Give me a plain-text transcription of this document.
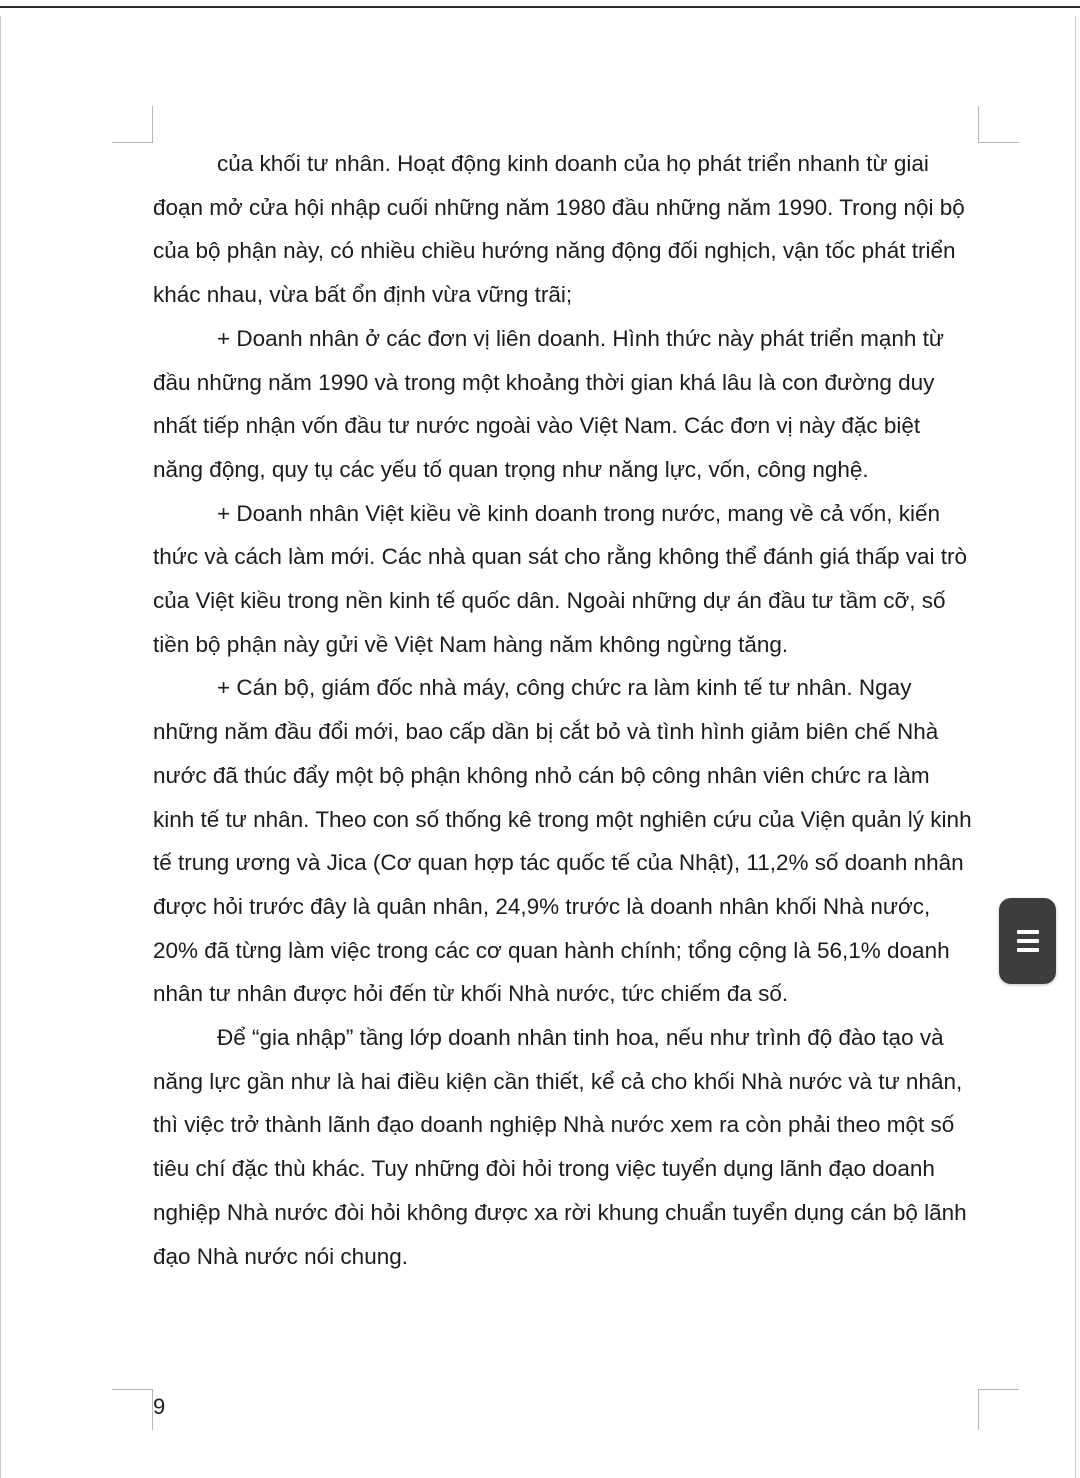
của khối tư nhân. Hoạt động kinh doanh của họ phát triển nhanh từ giai đoạn mở cửa hội nhập cuối những năm 1980 đầu những năm 1990. Trong nội bộ của bộ phận này, có nhiều chiều hướng năng động đối nghịch, vận tốc phát triển khác nhau, vừa bất ổn định vừa vững trãi;

+ Doanh nhân ở các đơn vị liên doanh. Hình thức này phát triển mạnh từ đầu những năm 1990 và trong một khoảng thời gian khá lâu là con đường duy nhất tiếp nhận vốn đầu tư nước ngoài vào Việt Nam. Các đơn vị này đặc biệt năng động, quy tụ các yếu tố quan trọng như năng lực, vốn, công nghệ.

+ Doanh nhân Việt kiều về kinh doanh trong nước, mang về cả vốn, kiến thức và cách làm mới. Các nhà quan sát cho rằng không thể đánh giá thấp vai trò của Việt kiều trong nền kinh tế quốc dân. Ngoài những dự án đầu tư tầm cỡ, số tiền bộ phận này gửi về Việt Nam hàng năm không ngừng tăng.

+ Cán bộ, giám đốc nhà máy, công chức ra làm kinh tế tư nhân. Ngay những năm đầu đổi mới, bao cấp dần bị cắt bỏ và tình hình giảm biên chế Nhà nước đã thúc đẩy một bộ phận không nhỏ cán bộ công nhân viên chức ra làm kinh tế tư nhân. Theo con số thống kê trong một nghiên cứu của Viện quản lý kinh tế trung ương và Jica (Cơ quan hợp tác quốc tế của Nhật), 11,2% số doanh nhân được hỏi trước đây là quân nhân, 24,9% trước là doanh nhân khối Nhà nước, 20% đã từng làm việc trong các cơ quan hành chính; tổng cộng là 56,1% doanh nhân tư nhân được hỏi đến từ khối Nhà nước, tức chiếm đa số.

Để “gia nhập” tầng lớp doanh nhân tinh hoa, nếu như trình độ đào tạo và năng lực gần như là hai điều kiện cần thiết, kể cả cho khối Nhà nước và tư nhân, thì việc trở thành lãnh đạo doanh nghiệp Nhà nước xem ra còn phải theo một số tiêu chí đặc thù khác. Tuy những đòi hỏi trong việc tuyển dụng lãnh đạo doanh nghiệp Nhà nước đòi hỏi không được xa rời khung chuẩn tuyển dụng cán bộ lãnh đạo Nhà nước nói chung.

9
